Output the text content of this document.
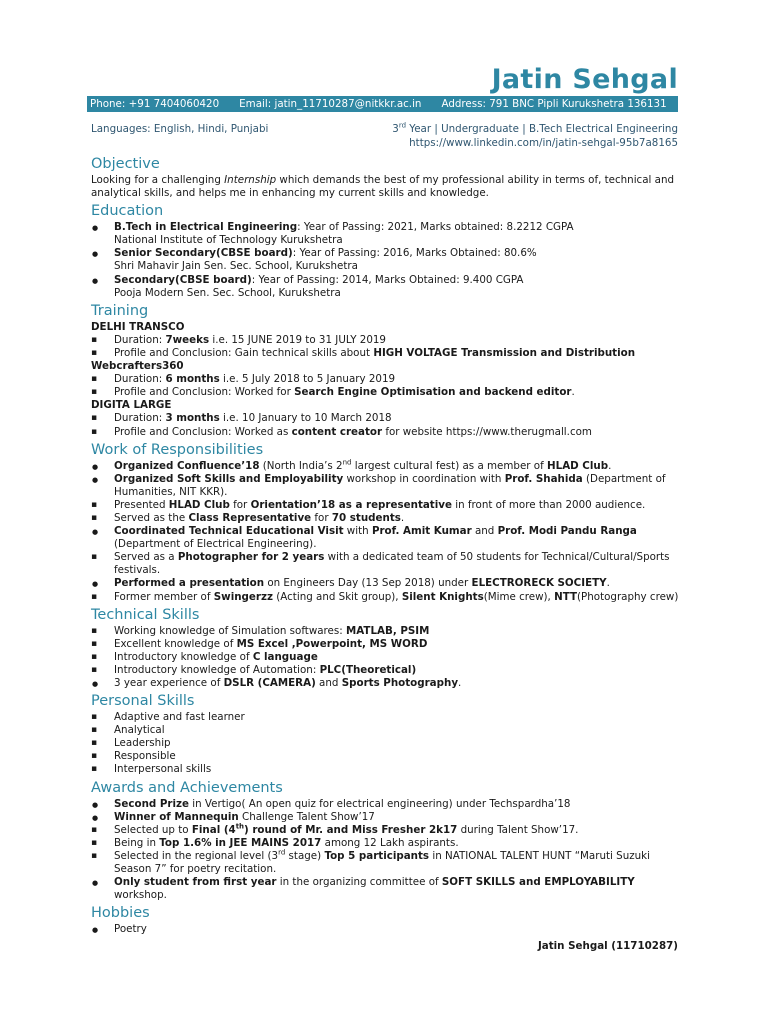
Jatin Sehgal
Phone: +91 7404060420 Email: jatin_11710287@nitkkr.ac.in Address: 791 BNC Pipli Kurukshetra 136131
Languages: English, Hindi, Punjabi	3rd Year | Undergraduate | B.Tech Electrical Engineering
https://www.linkedin.com/in/jatin-sehgal-95b7a8165
Objective

Looking for a challenging Internship which demands the best of my professional ability in terms of, technical and analytical skills, and helps me in enhancing my current skills and knowledge.

Education
● B.Tech in Electrical Engineering: Year of Passing: 2021, Marks obtained: 8.2212 CGPA
National Institute of Technology Kurukshetra
● Senior Secondary(CBSE board): Year of Passing: 2016, Marks Obtained: 80.6%
Shri Mahavir Jain Sen. Sec. School, Kurukshetra
● Secondary(CBSE board): Year of Passing: 2014, Marks Obtained: 9.400 CGPA
Pooja Modern Sen. Sec. School, Kurukshetra
Training
DELHI TRANSCO
▪ Duration: 7weeks i.e. 15 JUNE 2019 to 31 JULY 2019
▪ Profile and Conclusion: Gain technical skills about HIGH VOLTAGE Transmission and Distribution
Webcrafters360
▪ Duration: 6 months i.e. 5 July 2018 to 5 January 2019
▪ Profile and Conclusion: Worked for Search Engine Optimisation and backend editor.
DIGITA LARGE
▪ Duration: 3 months i.e. 10 January to 10 March 2018
▪ Profile and Conclusion: Worked as content creator for website https://www.therugmall.com
Work of Responsibilities
● Organized Confluence’18 (North India’s 2nd largest cultural fest) as a member of HLAD Club.
● Organized Soft Skills and Employability workshop in coordination with Prof. Shahida (Department of Humanities, NIT KKR).
▪ Presented HLAD Club for Orientation’18 as a representative in front of more than 2000 audience.
▪ Served as the Class Representative for 70 students.
● Coordinated Technical Educational Visit with Prof. Amit Kumar and Prof. Modi Pandu Ranga (Department of Electrical Engineering).
▪ Served as a Photographer for 2 years with a dedicated team of 50 students for Technical/Cultural/Sports festivals.
● Performed a presentation on Engineers Day (13 Sep 2018) under ELECTRORECK SOCIETY.
▪ Former member of Swingerzz (Acting and Skit group), Silent Knights(Mime crew), NTT(Photography crew)
Technical Skills
▪ Working knowledge of Simulation softwares: MATLAB, PSIM
▪ Excellent knowledge of MS Excel ,Powerpoint, MS WORD
▪ Introductory knowledge of C language
▪ Introductory knowledge of Automation: PLC(Theoretical)
● 3 year experience of DSLR (CAMERA) and Sports Photography.
Personal Skills
▪ Adaptive and fast learner
▪ Analytical
▪ Leadership
▪ Responsible
▪ Interpersonal skills
Awards and Achievements
● Second Prize in Vertigo( An open quiz for electrical engineering) under Techspardha’18
● Winner of Mannequin Challenge Talent Show’17
▪ Selected up to Final (4th) round of Mr. and Miss Fresher 2k17 during Talent Show’17.
▪ Being in Top 1.6% in JEE MAINS 2017 among 12 Lakh aspirants.
▪ Selected in the regional level (3rd stage) Top 5 participants in NATIONAL TALENT HUNT “Maruti Suzuki Season 7” for poetry recitation.
● Only student from first year in the organizing committee of SOFT SKILLS and EMPLOYABILITY workshop.
Hobbies
● Poetry
Jatin Sehgal (11710287)
